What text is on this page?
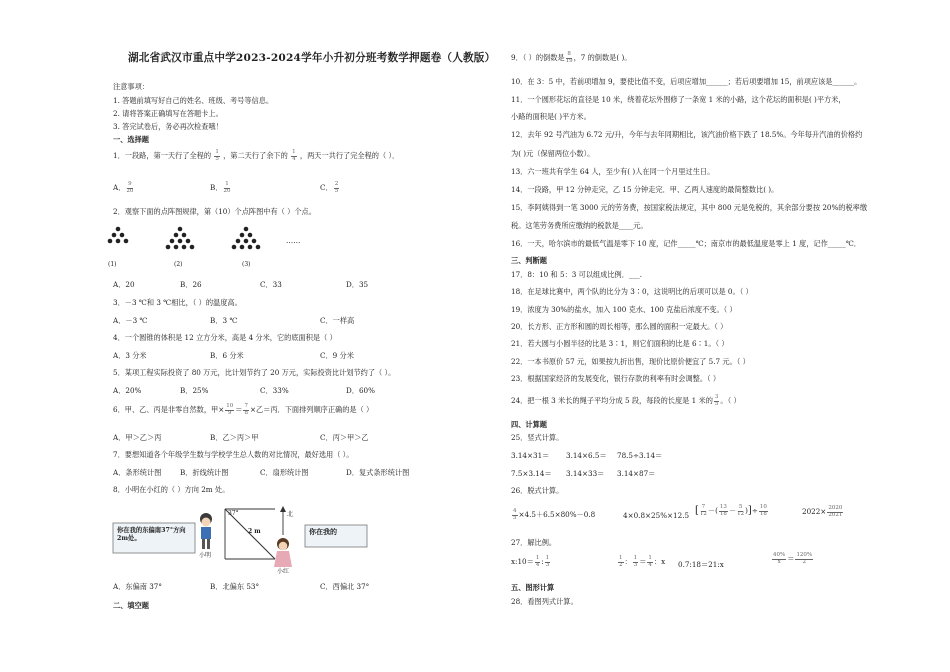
湖北省武汉市重点中学2023-2024学年小升初分班考数学押题卷（人教版）
注意事项：
1. 答题前填写好自己的姓名、班级、考号等信息。
2. 请将答案正确填写在答题卡上。
3. 答完试卷后，务必再次检查哦！
一、选择题
1．一段路，第一天行了全程的 $\frac{1}{5}$ ，第二天行了余下的 $\frac{1}{4}$ ，两天一共行了完全程的（ ）．
A． $\frac{9}{20}$	B． $\frac{1}{20}$	C． $\frac{2}{5}$
2．观察下面的点阵图规律，第（10）个点阵图中有（ ）个点。
……
(1)	(2)	(3)
A．20	B．26	C．33	D．35
3．－3 ℃和 3 ℃相比，（ ）的温度高。
A．－3 ℃	B．3 ℃	C．一样高
4．一个圆锥的体积是 12 立方分米，高是 4 分米，它的底面积是（ ）
A．3 分米	B．6 分米	C．9 分米
5．某项工程实际投资了 80 万元，比计划节约了 20 万元，实际投资比计划节约了（ ）。
A．20%	B．25%	C．33%	D．60%
6．甲、乙、丙是非零自然数，甲× $\frac{10}{9} = \frac{7}{8}$ ×乙＝丙．下面排列顺序正确的是（ ）
A．甲＞乙＞丙	B．乙＞丙＞甲	C．丙＞甲＞乙
7．要想知道各个年级学生数与学校学生总人数的对比情况，最好选用（ ）。
A．条形统计图	B．折线统计图	C．扇形统计图	D．复式条形统计图
8．小明在小红的（ ）方向 2m 处。
你在我的东偏南37°方向2m处。
小明
37°
2 m
北
你在我的
小红
A．东偏南 37°	B．北偏东 53°	C．西偏北 37°
二、填空题
9．（ ）的倒数是 $\frac{8}{19}$ ，7 的倒数是( )。
10．在 3：5 中，若前项增加 9，要使比值不变，后项应增加______；若后项要增加 15，前项应该是______。
11．一个圆形花坛的直径是 10 米，绕着花坛外围修了一条宽 1 米的小路，这个花坛的面积是( )平方米，
小路的面积是( )平方米。
12．去年 92 号汽油为 6.72 元/升，今年与去年同期相比，该汽油价格下跌了 18.5%。今年每升汽油的价格约
为( )元（保留两位小数）。
13．六一班共有学生 64 人，至少有( )人在同一个月里过生日。
14．一段路，甲 12 分钟走完，乙 15 分钟走完．甲、乙两人速度的最简整数比( )。
15．李阿姨得到一笔 3000 元的劳务费，按国家税法规定，其中 800 元是免税的，其余部分要按 20%的税率缴
税。这笔劳务费所应缴纳的税款是____元。
16．一天，哈尔滨市的最低气温是零下 10 度，记作_____℃；南京市的最低温度是零上 1 度，记作_____℃．
三、判断题
17．8：10 和 5：3 可以组成比例．___.
18．在足球比赛中，两个队的比分为 3∶0，这说明比的后项可以是 0。（ ）
19．浓度为 30%的盐水，加入 100 克水、100 克盐后浓度不变。（ ）
20．长方形、正方形和圆的周长相等，那么圆的面积一定最大。（ ）
21．若大圆与小圆半径的比是 3∶1，则它们面积的比是 6∶1。（ ）
22．一本书原价 57 元，如果按九折出售，现价比原价便宜了 5.7 元。（ ）
23．根据国家经济的发展变化，银行存款的利率有时会调整。（ ）
24．把一根 3 米长的绳子平均分成 5 段，每段的长度是 1 米的 $\frac{3}{5}$ 。（ ）
四、计算题
25．竖式计算。
3.14×31＝ 3.14×6.5＝ 78.5÷3.14＝
7.5×3.14＝ 3.14×33＝ 3.14×87＝
26．脱式计算。
$\frac{4}{5} \times 4.5+6.5\times 80\%-0.8$	4×0.8×25%×12.5 [ $\frac{7}{12}$ －( $\frac{13}{18} - \frac{5}{12}$ )]÷ $\frac{10}{18}$	$2022\times \frac{2020}{2021}$
27．解比例。
x:10＝ $\frac{1}{4}$ : $\frac{1}{3}$	$\frac{1}{2}$ ： $\frac{1}{3} = \frac{1}{4}$ ：x 0.7:18＝21:x	$\frac{40\%}{x} = \frac{120\%}{2}$
五、图形计算
28．看图列式计算。
